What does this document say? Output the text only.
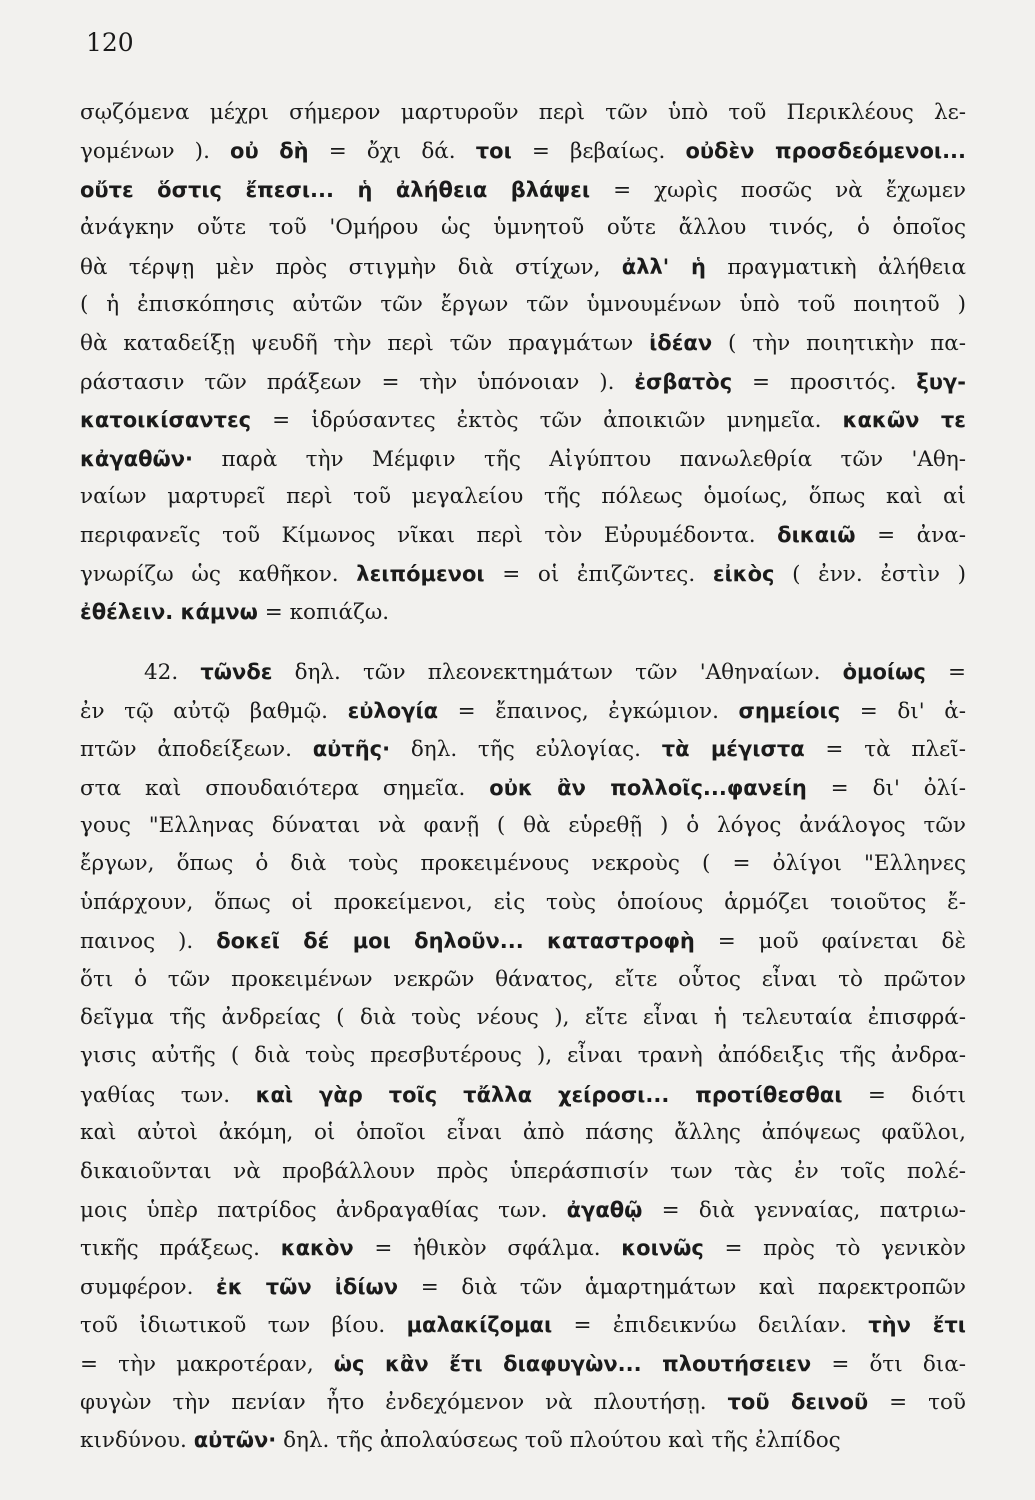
120
σῳζόμενα μέχρι σήμερον μαρτυροῦν περὶ τῶν ὑπὸ τοῦ Περικλέους λε-
γομένων ). οὐ δὴ = ὄχι δά. τοι = βεβαίως. οὐδὲν προσδεόμενοι...
οὔτε ὅστις ἔπεσι... ἡ ἀλήθεια βλάψει = χωρὶς ποσῶς νὰ ἔχωμεν
ἀνάγκην οὔτε τοῦ 'Ομήρου ὡς ὑμνητοῦ οὔτε ἄλλου τινός, ὁ ὁποῖος
θὰ τέρψῃ μὲν πρὸς στιγμὴν διὰ στίχων, ἀλλ' ἡ πραγματικὴ ἀλήθεια
( ἡ ἐπισκόπησις αὐτῶν τῶν ἔργων τῶν ὑμνουμένων ὑπὸ τοῦ ποιητοῦ )
θὰ καταδείξῃ ψευδῆ τὴν περὶ τῶν πραγμάτων ἰδέαν ( τὴν ποιητικὴν πα-
ράστασιν τῶν πράξεων = τὴν ὑπόνοιαν ). ἐσβατὸς = προσιτός. ξυγ-
κατοικίσαντες = ἱδρύσαντες ἐκτὸς τῶν ἀποικιῶν μνημεῖα. κακῶν τε
κἀγαθῶν· παρὰ τὴν Μέμφιν τῆς Αἰγύπτου πανωλεθρία τῶν 'Αθη-
ναίων μαρτυρεῖ περὶ τοῦ μεγαλείου τῆς πόλεως ὁμοίως, ὅπως καὶ αἱ
περιφανεῖς τοῦ Κίμωνος νῖκαι περὶ τὸν Εὐρυμέδοντα. δικαιῶ = ἀνα-
γνωρίζω ὡς καθῆκον. λειπόμενοι = οἱ ἐπιζῶντες. εἰκὸς ( ἐνν. ἐστὶν )
ἐθέλειν. κάμνω = κοπιάζω.
42. τῶνδε δηλ. τῶν πλεονεκτημάτων τῶν 'Αθηναίων. ὁμοίως =
ἐν τῷ αὐτῷ βαθμῷ. εὐλογία = ἔπαινος, ἐγκώμιον. σημείοις = δι' ἁ-
πτῶν ἀποδείξεων. αὐτῆς· δηλ. τῆς εὐλογίας. τὰ μέγιστα = τὰ πλεῖ-
στα καὶ σπουδαιότερα σημεῖα. οὐκ ἂν πολλοῖς...φανείη = δι' ὀλί-
γους "Ελληνας δύναται νὰ φανῇ ( θὰ εὑρεθῇ ) ὁ λόγος ἀνάλογος τῶν
ἔργων, ὅπως ὁ διὰ τοὺς προκειμένους νεκροὺς ( = ὀλίγοι "Ελληνες
ὑπάρχουν, ὅπως οἱ προκείμενοι, εἰς τοὺς ὁποίους ἁρμόζει τοιοῦτος ἔ-
παινος ). δοκεῖ δέ μοι δηλοῦν... καταστροφὴ = μοῦ φαίνεται δὲ
ὅτι ὁ τῶν προκειμένων νεκρῶν θάνατος, εἴτε οὗτος εἶναι τὸ πρῶτον
δεῖγμα τῆς ἀνδρείας ( διὰ τοὺς νέους ), εἴτε εἶναι ἡ τελευταία ἐπισφρά-
γισις αὐτῆς ( διὰ τοὺς πρεσβυτέρους ), εἶναι τρανὴ ἀπόδειξις τῆς ἀνδρα-
γαθίας των. καὶ γὰρ τοῖς τἄλλα χείροσι... προτίθεσθαι = διότι
καὶ αὐτοὶ ἀκόμη, οἱ ὁποῖοι εἶναι ἀπὸ πάσης ἄλλης ἀπόψεως φαῦλοι,
δικαιοῦνται νὰ προβάλλουν πρὸς ὑπεράσπισίν των τὰς ἐν τοῖς πολέ-
μοις ὑπὲρ πατρίδος ἀνδραγαθίας των. ἀγαθῷ = διὰ γενναίας, πατριω-
τικῆς πράξεως. κακὸν = ἠθικὸν σφάλμα. κοινῶς = πρὸς τὸ γενικὸν
συμφέρον. ἐκ τῶν ἰδίων = διὰ τῶν ἁμαρτημάτων καὶ παρεκτροπῶν
τοῦ ἰδιωτικοῦ των βίου. μαλακίζομαι = ἐπιδεικνύω δειλίαν. τὴν ἔτι
= τὴν μακροτέραν, ὡς κἂν ἔτι διαφυγὼν... πλουτήσειεν = ὅτι δια-
φυγὼν τὴν πενίαν ἦτο ἐνδεχόμενον νὰ πλουτήσῃ. τοῦ δεινοῦ = τοῦ
κινδύνου. αὐτῶν· δηλ. τῆς ἀπολαύσεως τοῦ πλούτου καὶ τῆς ἐλπίδος
